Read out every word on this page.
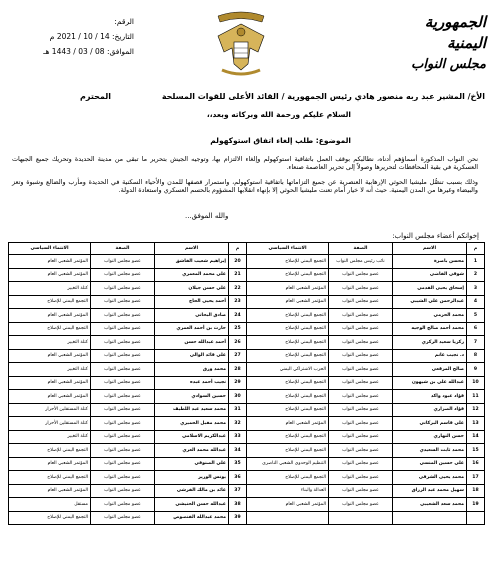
الجمهورية اليمنية
مجلس النواب
الرقم:
التاريخ: 14 / 10 / 2021 م
الموافق: 08 / 03 / 1443 هـ
الأخ/ المشير عبد ربه منصور هادي رئيس الجمهورية / القائد الأعلى للقوات المسلحة
المحترم
السلام عليكم ورحمة الله وبركاته وبعد،،
الموضوع: طلب إلغاء اتفاق استوكهولم
نحن النواب المذكورة أسماؤهم أدناه، نطالبكم بوقف العمل باتفاقية استوكهولم وإلغاء الالتزام بها، وتوجيه الجيش بتحرير ما تبقى من مدينة الحديدة وتحريك جميع الجبهات العسكرية في بقية المحافظات لتحريرها وصولاً إلى تحرير العاصمة صنعاء.
وذلك بسبب تنصُّل مليشيا الحوثي الإرهابية العنصرية عن جميع التزاماتها باتفاقية استوكهولم، واستمرار قصفها للمدن والأحياء السكنية في الحديدة ومأرب والضالع وشبوة وتعز والبيضاء وغيرها من المدن اليمنية. حيث أنه لا خيار أمام تعنت مليشيا الحوثي إلا بإنهاء انقلابها المشؤوم بالحسم العسكري واستعادة الدولة.
والله الموفق...
إخوانكم أعضاء مجلس النواب:
م	الاسم	الصفة	الانتماء السياسي	م	الاسم	الصفة	الانتماء السياسي
1	محسن باصرة	نائب رئيس مجلس النواب	التجمع اليمني للإصلاح	20	إبراهيم شعيب القاشق	عضو مجلس النواب	المؤتمر الشعبي العام
2	شوقي القاضي	عضو مجلس النواب	التجمع اليمني للإصلاح	21	علي محمد المعمري	عضو مجلس النواب	المؤتمر الشعبي العام
3	إسحاق يحيى القدمي	عضو مجلس النواب	المؤتمر الشعبي العام	22	علي حسن جيلان	عضو مجلس النواب	كتلة التغيير
4	عبدالرحمن علي الشيبي	عضو مجلس النواب	المؤتمر الشعبي العام	23	أحمد يحيى الحاج	عضو مجلس النواب	التجمع اليمني للإصلاح
5	محمد الحزمي	عضو مجلس النواب	التجمع اليمني للإصلاح	24	صادق البحاني	عضو مجلس النواب	المؤتمر الشعبي العام
6	محمد أحمد صالح الوجيه	عضو مجلس النواب	التجمع اليمني للإصلاح	25	حارث بن أحمد العمري	عضو مجلس النواب	التجمع اليمني للإصلاح
7	زكريا سعيد الزكري	عضو مجلس النواب	التجمع اليمني للإصلاح	26	أحمد عبدالله حسن	عضو مجلس النواب	كتلة التغيير
8	د. نجيب غانم	عضو مجلس النواب	التجمع اليمني للإصلاح	27	علي قائد الوالي	عضو مجلس النواب	المؤتمر الشعبي العام
9	صالح المرقعي	عضو مجلس النواب	الحزب الاشتراكي اليمني	28	محمد ورق	عضو مجلس النواب	كتلة التغيير
10	عبدالله علي بن شيهون	عضو مجلس النواب	التجمع اليمني للإصلاح	29	نجيب أحمد عبده	عضو مجلس النواب	المؤتمر الشعبي العام
11	فؤاد عبود واكد	عضو مجلس النواب	التجمع اليمني للإصلاح	30	حسين السوادي	عضو مجلس النواب	المؤتمر الشعبي العام
12	فؤاد الصراري	عضو مجلس النواب	التجمع اليمني للإصلاح	31	محمد سعيد عبد اللطيف	عضو مجلس النواب	كتلة المستقلين الأحرار
13	علي قاسم البركاني	عضو مجلس النواب	المؤتمر الشعبي العام	32	محمد مقبل الحميري	عضو مجلس النواب	كتلة المستقلين الأحرار
14	حسن النهاري	عضو مجلس النواب	التجمع اليمني للإصلاح	33	عبدالكريم الاسلامي	عضو مجلس النواب	كتلة التغيير
15	محمد ثابت السعيدي	عضو مجلس النواب	التجمع اليمني للإصلاح	34	عبدالله محمد العزي	عضو مجلس النواب	التجمع اليمني للإصلاح
16	علي حسين المنسي	عضو مجلس النواب	التنظيم الوحدوي الشعبي الناصري	35	علي الصنوفي	عضو مجلس النواب	المؤتمر الشعبي العام
17	محمد يحيى الشرفي	عضو مجلس النواب	التجمع اليمني للإصلاح	36	يونس الوزير	عضو مجلس النواب	التجمع اليمني للإصلاح
18	سهيل محمد عبد الرزاق	عضو مجلس النواب	العدالة والبناء	37	عائد بن مالك القرشي	عضو مجلس النواب	المؤتمر الشعبي العام
19	محمد سعد الشعيبي	عضو مجلس النواب	المؤتمر الشعبي العام	38	عبدالله حسن الحنيشي	عضو مجلس النواب	مستقل
				39	محمد عبدالله القنصوص	عضو مجلس النواب	التجمع اليمني للإصلاح
